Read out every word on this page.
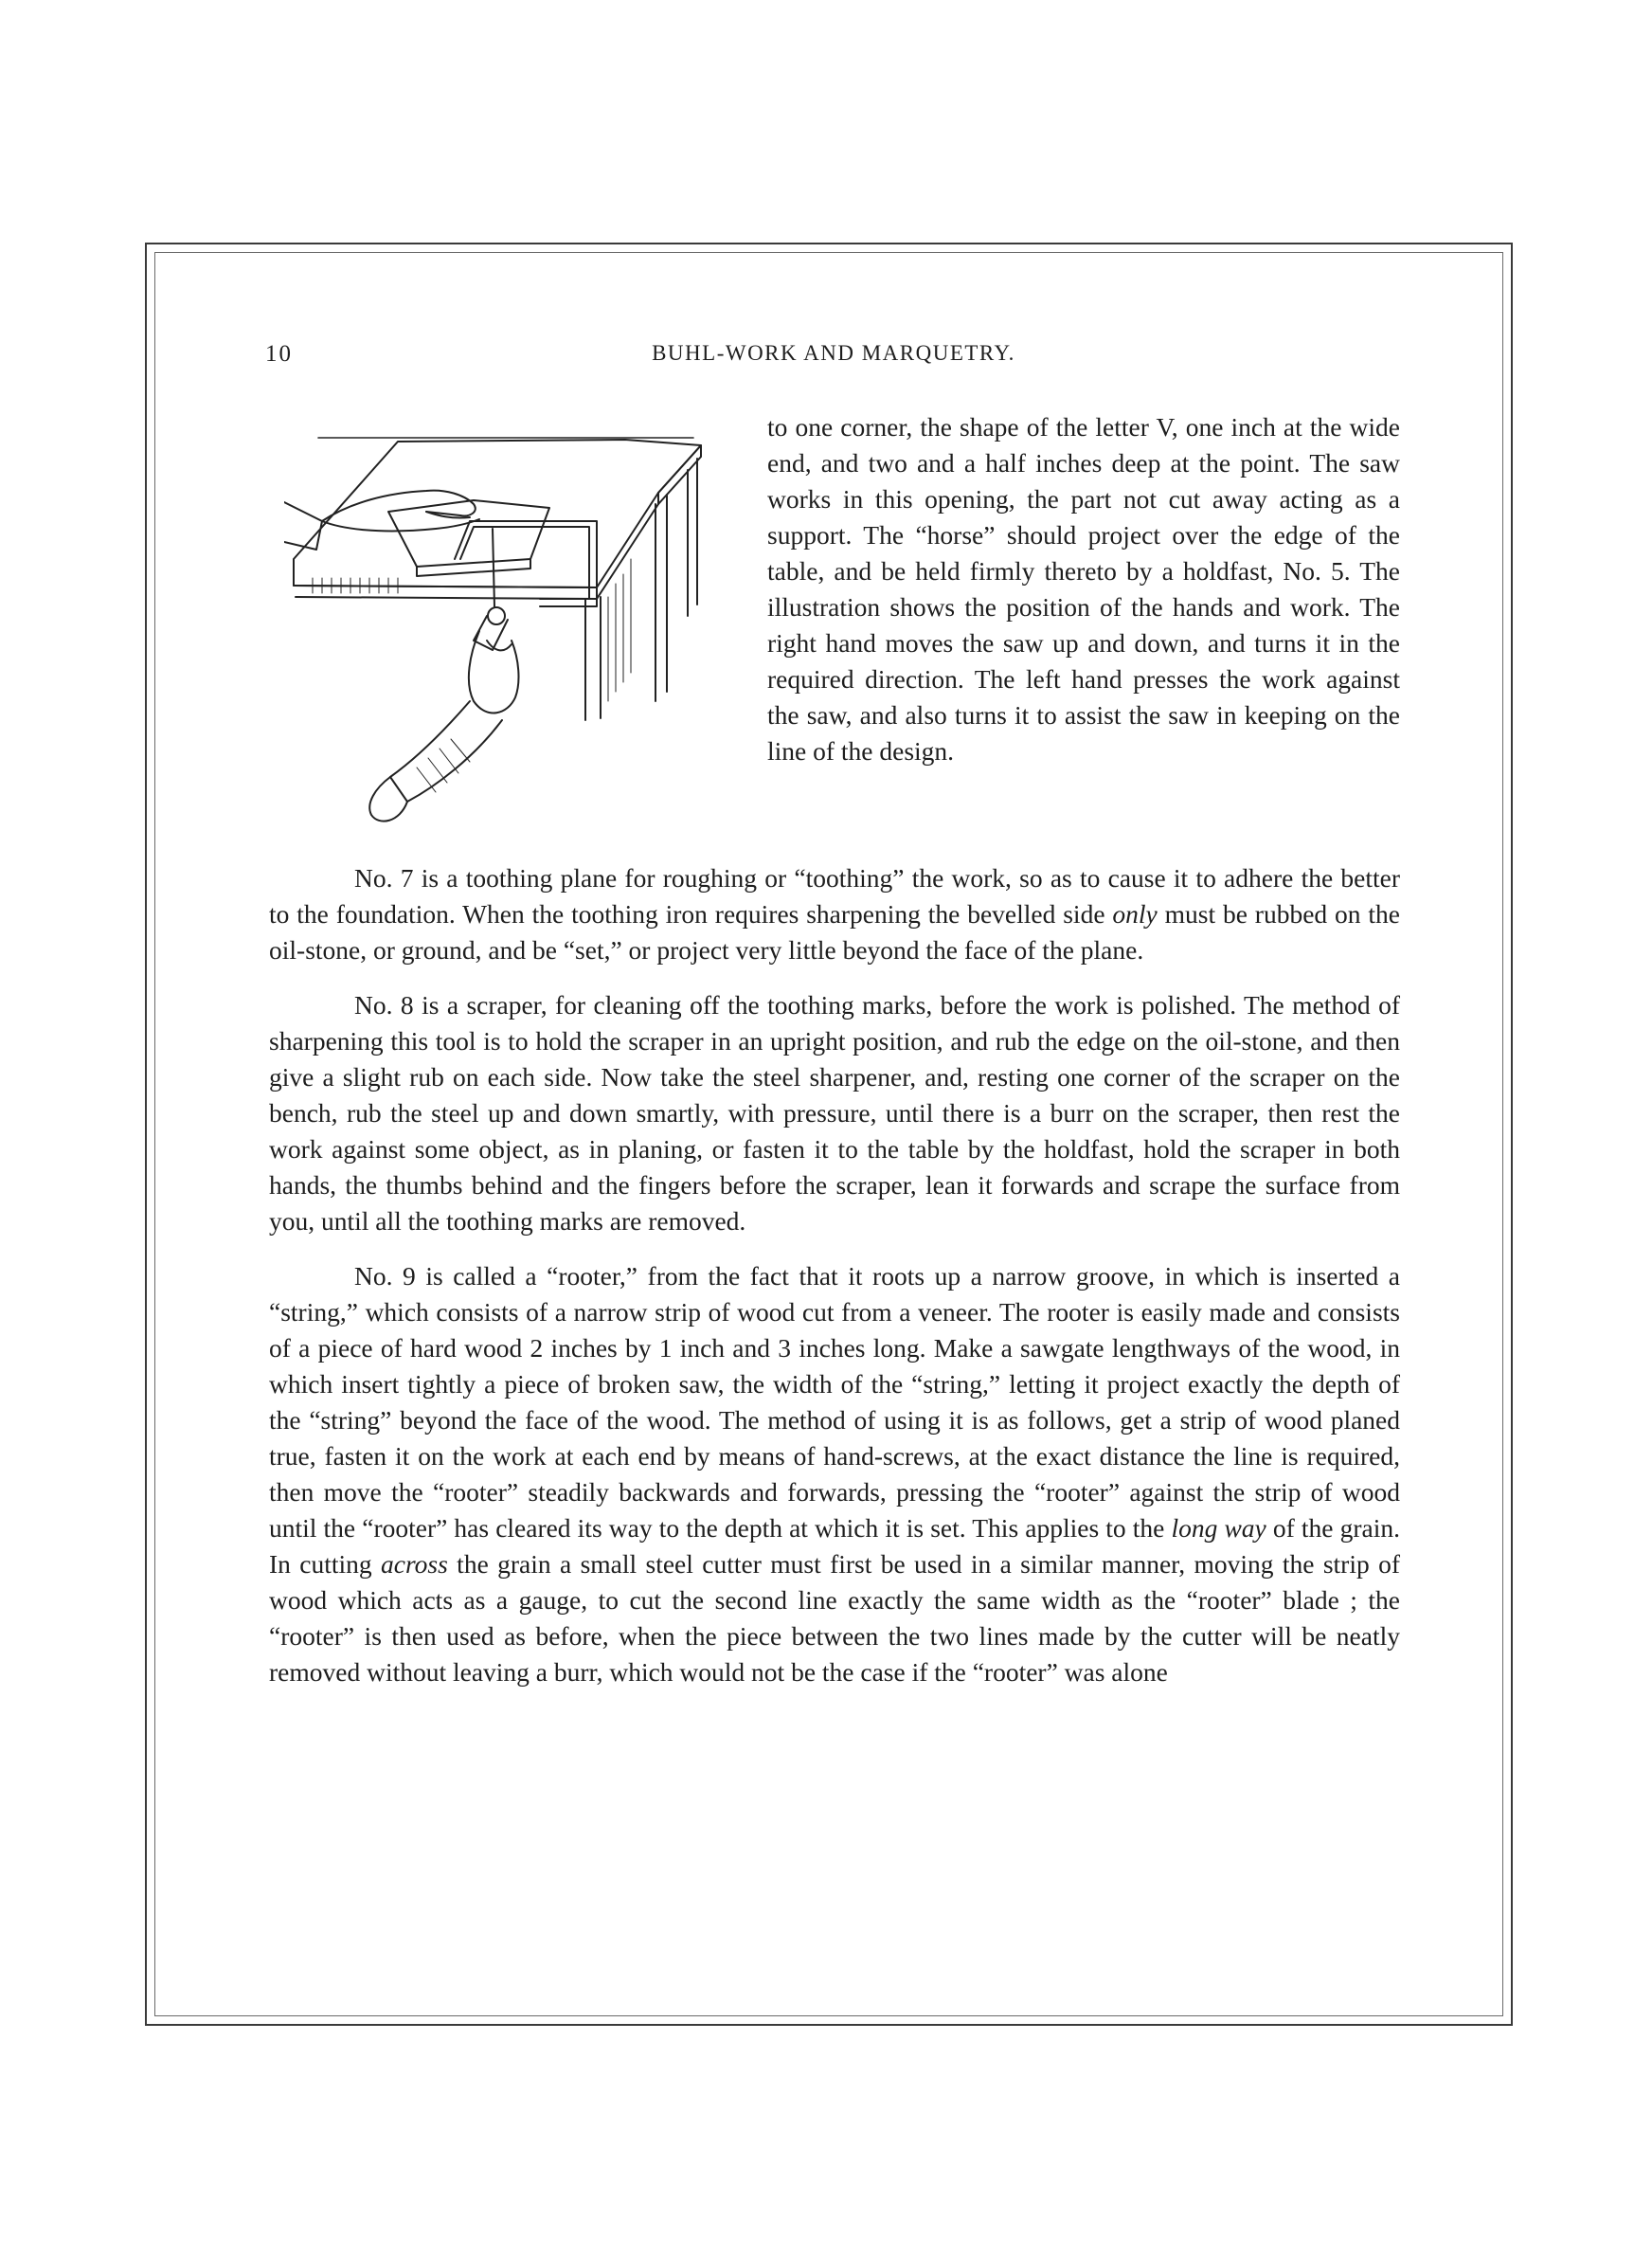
10	BUHL-WORK AND MARQUETRY.

to one corner, the shape of the letter V, one inch at the wide end, and two and a half inches deep at the point. The saw works in this opening, the part not cut away acting as a support. The “horse” should project over the edge of the table, and be held firmly thereto by a holdfast, No. 5. The illustration shows the position of the hands and work. The right hand moves the saw up and down, and turns it in the required direction. The left hand presses the work against the saw, and also turns it to assist the saw in keeping on the line of the design.

No. 7 is a toothing plane for roughing or “toothing” the work, so as to cause it to adhere the better to the foundation. When the toothing iron requires sharpening the bevelled side only must be rubbed on the oil-stone, or ground, and be “set,” or project very little beyond the face of the plane.

No. 8 is a scraper, for cleaning off the toothing marks, before the work is polished. The method of sharpening this tool is to hold the scraper in an upright position, and rub the edge on the oil-stone, and then give a slight rub on each side. Now take the steel sharpener, and, resting one corner of the scraper on the bench, rub the steel up and down smartly, with pressure, until there is a burr on the scraper, then rest the work against some object, as in planing, or fasten it to the table by the holdfast, hold the scraper in both hands, the thumbs behind and the fingers before the scraper, lean it forwards and scrape the surface from you, until all the toothing marks are removed.

No. 9 is called a “rooter,” from the fact that it roots up a narrow groove, in which is inserted a “string,” which consists of a narrow strip of wood cut from a veneer. The rooter is easily made and consists of a piece of hard wood 2 inches by 1 inch and 3 inches long. Make a sawgate lengthways of the wood, in which insert tightly a piece of broken saw, the width of the “string,” letting it project exactly the depth of the “string” beyond the face of the wood. The method of using it is as follows, get a strip of wood planed true, fasten it on the work at each end by means of hand-screws, at the exact distance the line is required, then move the “rooter” steadily backwards and forwards, pressing the “rooter” against the strip of wood until the “rooter” has cleared its way to the depth at which it is set. This applies to the long way of the grain. In cutting across the grain a small steel cutter must first be used in a similar manner, moving the strip of wood which acts as a gauge, to cut the second line exactly the same width as the “rooter” blade ; the “rooter” is then used as before, when the piece between the two lines made by the cutter will be neatly removed without leaving a burr, which would not be the case if the “rooter” was alone
